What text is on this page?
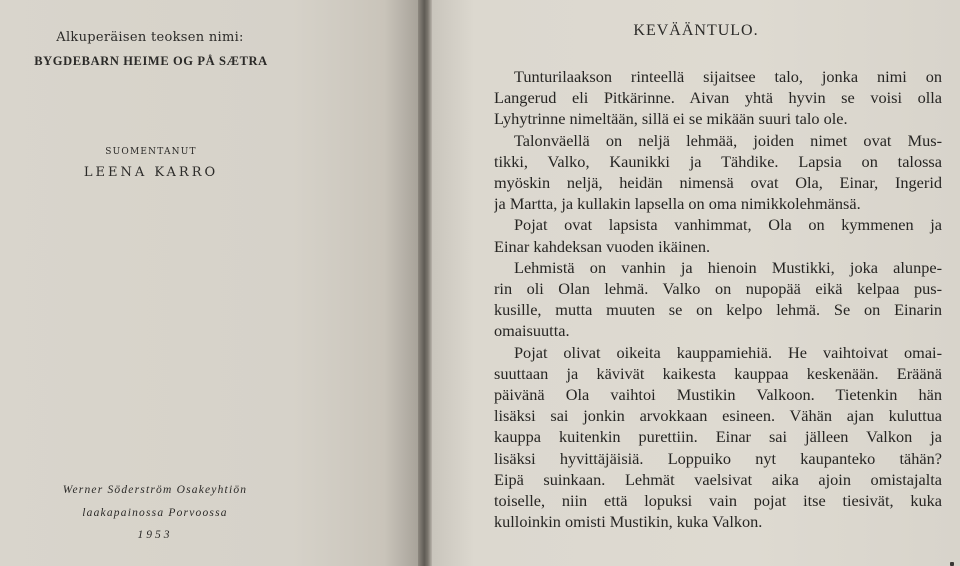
Alkuperäisen teoksen nimi:
BYGDEBARN HEIME OG PÅ SÆTRA
SUOMENTANUT
LEENA KARRO
Werner Söderström Osakeyhtiön
laakapainossa Porvoossa
1953
KEVÄÄNTULO.

Tunturilaakson rinteellä sijaitsee talo, jonka nimi on
Langerud eli Pitkärinne. Aivan yhtä hyvin se voisi olla
Lyhytrinne nimeltään, sillä ei se mikään suuri talo ole.

Talonväellä on neljä lehmää, joiden nimet ovat Mus-
tikki, Valko, Kaunikki ja Tähdike. Lapsia on talossa
myöskin neljä, heidän nimensä ovat Ola, Einar, Ingerid
ja Martta, ja kullakin lapsella on oma nimikkolehmänsä.

Pojat ovat lapsista vanhimmat, Ola on kymmenen ja
Einar kahdeksan vuoden ikäinen.

Lehmistä on vanhin ja hienoin Mustikki, joka alunpe-
rin oli Olan lehmä. Valko on nupopää eikä kelpaa pus-
kusille, mutta muuten se on kelpo lehmä. Se on Einarin
omaisuutta.

Pojat olivat oikeita kauppamiehiä. He vaihtoivat omai-
suuttaan ja kävivät kaikesta kauppaa keskenään. Eräänä
päivänä Ola vaihtoi Mustikin Valkoon. Tietenkin hän
lisäksi sai jonkin arvokkaan esineen. Vähän ajan kuluttua
kauppa kuitenkin purettiin. Einar sai jälleen Valkon ja
lisäksi hyvittäjäisiä. Loppuiko nyt kaupanteko tähän?
Eipä suinkaan. Lehmät vaelsivat aika ajoin omistajalta
toiselle, niin että lopuksi vain pojat itse tiesivät, kuka
kulloinkin omisti Mustikin, kuka Valkon.
